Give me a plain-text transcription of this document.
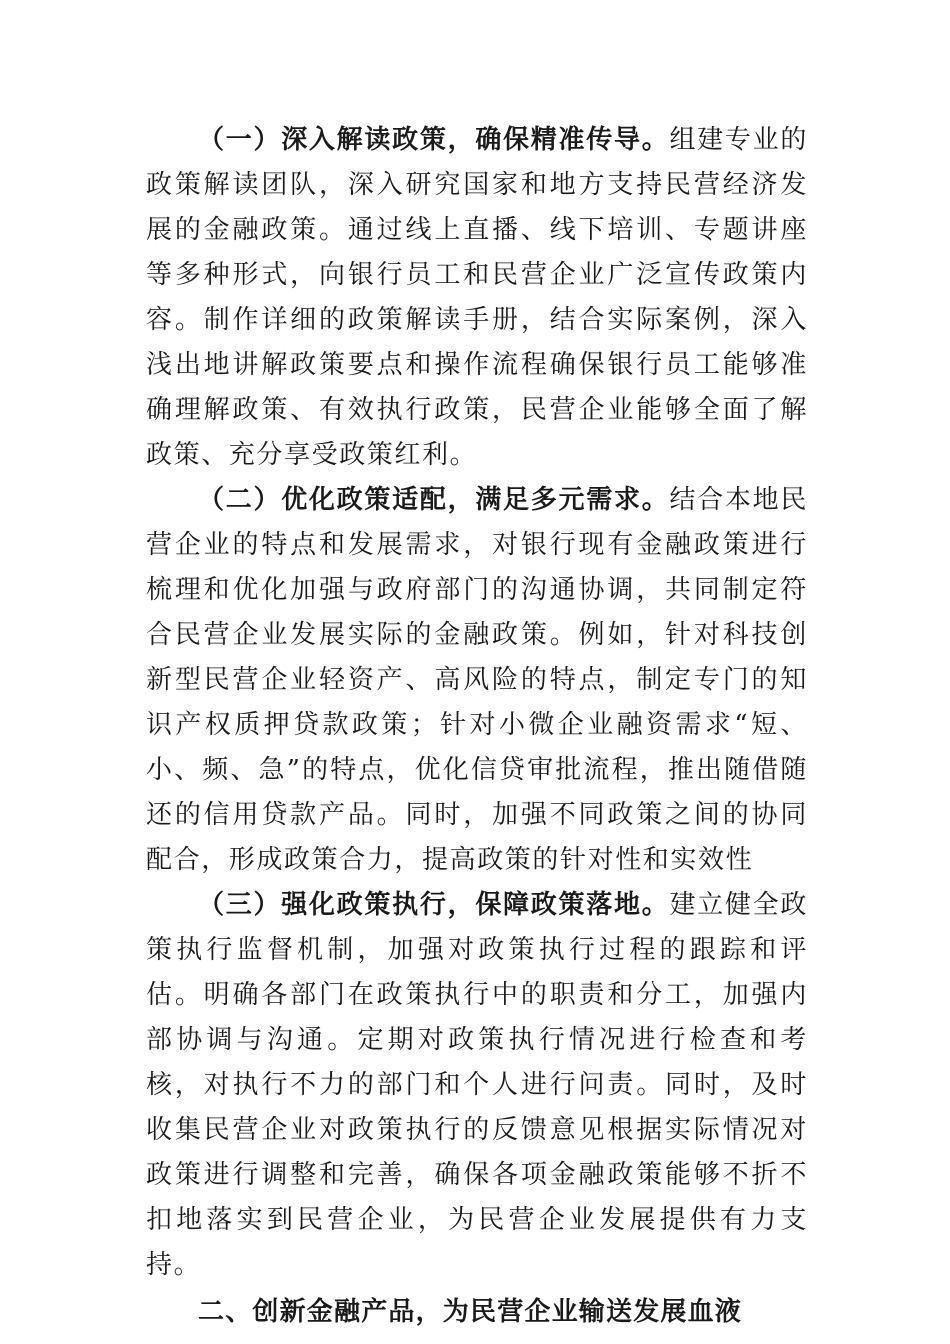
（一）深入解读政策，确保精准传导。组建专业的政策解读团队，深入研究国家和地方支持民营经济发展的金融政策。通过线上直播、线下培训、专题讲座等多种形式，向银行员工和民营企业广泛宣传政策内容。制作详细的政策解读手册，结合实际案例，深入浅出地讲解政策要点和操作流程确保银行员工能够准确理解政策、有效执行政策，民营企业能够全面了解政策、充分享受政策红利。

（二）优化政策适配，满足多元需求。结合本地民营企业的特点和发展需求，对银行现有金融政策进行梳理和优化加强与政府部门的沟通协调，共同制定符合民营企业发展实际的金融政策。例如，针对科技创新型民营企业轻资产、高风险的特点，制定专门的知识产权质押贷款政策；针对小微企业融资需求“短、小、频、急”的特点，优化信贷审批流程，推出随借随还的信用贷款产品。同时，加强不同政策之间的协同配合，形成政策合力，提高政策的针对性和实效性

（三）强化政策执行，保障政策落地。建立健全政策执行监督机制，加强对政策执行过程的跟踪和评估。明确各部门在政策执行中的职责和分工，加强内部协调与沟通。定期对政策执行情况进行检查和考核，对执行不力的部门和个人进行问责。同时，及时收集民营企业对政策执行的反馈意见根据实际情况对政策进行调整和完善，确保各项金融政策能够不折不扣地落实到民营企业，为民营企业发展提供有力支持。

二、创新金融产品，为民营企业输送发展血液
